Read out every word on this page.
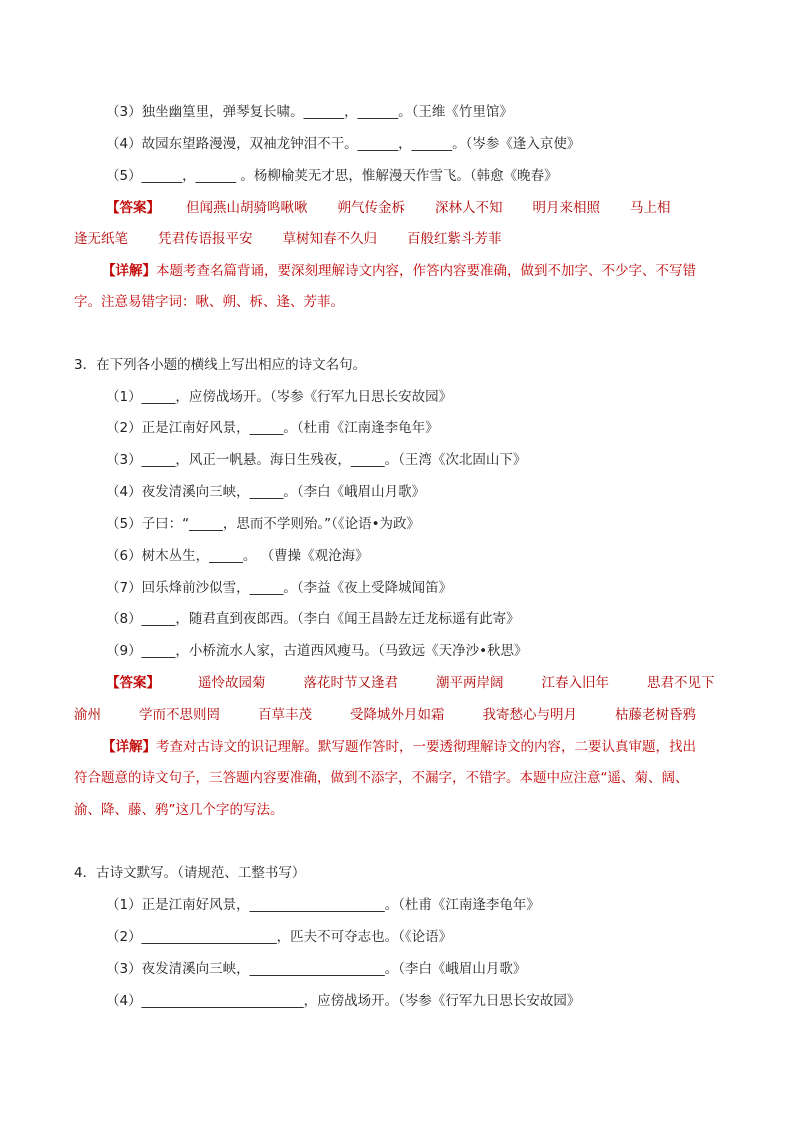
（3）独坐幽篁里，弹琴复长啸。______，______。（王维《竹里馆》
（4）故园东望路漫漫，双袖龙钟泪不干。______，______。（岑参《逢入京使》
（5）______，______ 。杨柳榆荚无才思，惟解漫天作雪飞。（韩愈《晚春》
【答案】 但闻燕山胡骑鸣啾啾 朔气传金柝 深林人不知 明月来相照 马上相
逢无纸笔 凭君传语报平安 草树知春不久归 百般红紫斗芳菲
【详解】本题考查名篇背诵，要深刻理解诗文内容，作答内容要准确，做到不加字、不少字、不写错
字。注意易错字词：啾、朔、柝、逢、芳菲。
3．在下列各小题的横线上写出相应的诗文名句。
（1）_____，应傍战场开。（岑参《行军九日思长安故园》
（2）正是江南好风景，_____。（杜甫《江南逢李龟年》
（3）_____，风正一帆悬。海日生残夜，_____。（王湾《次北固山下》
（4）夜发清溪向三峡，_____。（李白《峨眉山月歌》
（5）子曰：“_____，思而不学则殆。”（《论语•为政》
（6）树木丛生，_____。 （曹操《观沧海》
（7）回乐烽前沙似雪，_____。（李益《夜上受降城闻笛》
（8）_____，随君直到夜郎西。（李白《闻王昌龄左迁龙标遥有此寄》
（9）_____，小桥流水人家，古道西风瘦马。（马致远《天净沙•秋思》
【答案】	遥怜故园菊	落花时节又逢君	潮平两岸阔	江春入旧年	思君不见下
渝州	学而不思则罔	百草丰茂	受降城外月如霜	我寄愁心与明月	枯藤老树昏鸦
【详解】考查对古诗文的识记理解。默写题作答时，一要透彻理解诗文的内容，二要认真审题，找出
符合题意的诗文句子，三答题内容要准确，做到不添字，不漏字，不错字。本题中应注意“遥、菊、阔、
渝、降、藤、鸦”这几个字的写法。
4．古诗文默写。（请规范、工整书写）
（1）正是江南好风景，____________________。（杜甫《江南逢李龟年》
（2）____________________，匹夫不可夺志也。（《论语》
（3）夜发清溪向三峡，____________________。（李白《峨眉山月歌》
（4）________________________，应傍战场开。（岑参《行军九日思长安故园》
